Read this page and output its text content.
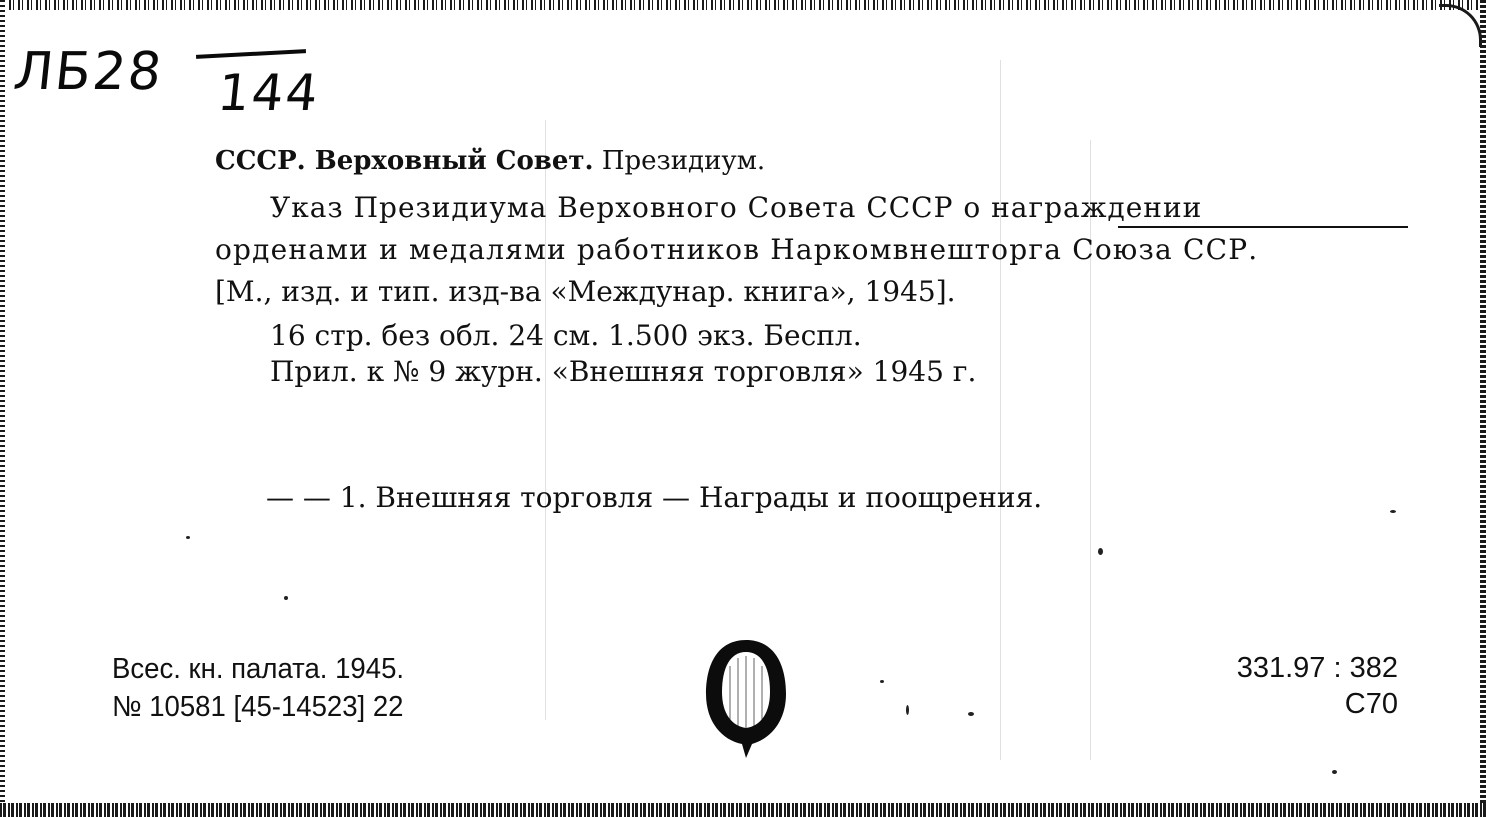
ЛБ28 144
СССР. Верховный Совет. Президиум.
Указ Президиума Верховного Совета СССР о награждении
орденами и медалями работников Наркомвнешторга Союза ССР.
[М., изд. и тип. изд-ва «Междунар. книга», 1945].
16 стр. без обл. 24 см. 1.500 экз. Беспл.
Прил. к № 9 журн. «Внешняя торговля» 1945 г.
— — 1. Внешняя торговля — Награды и поощрения.
Всес. кн. палата. 1945.
№ 10581 [45-14523] 22
331.97 : 382
С70
